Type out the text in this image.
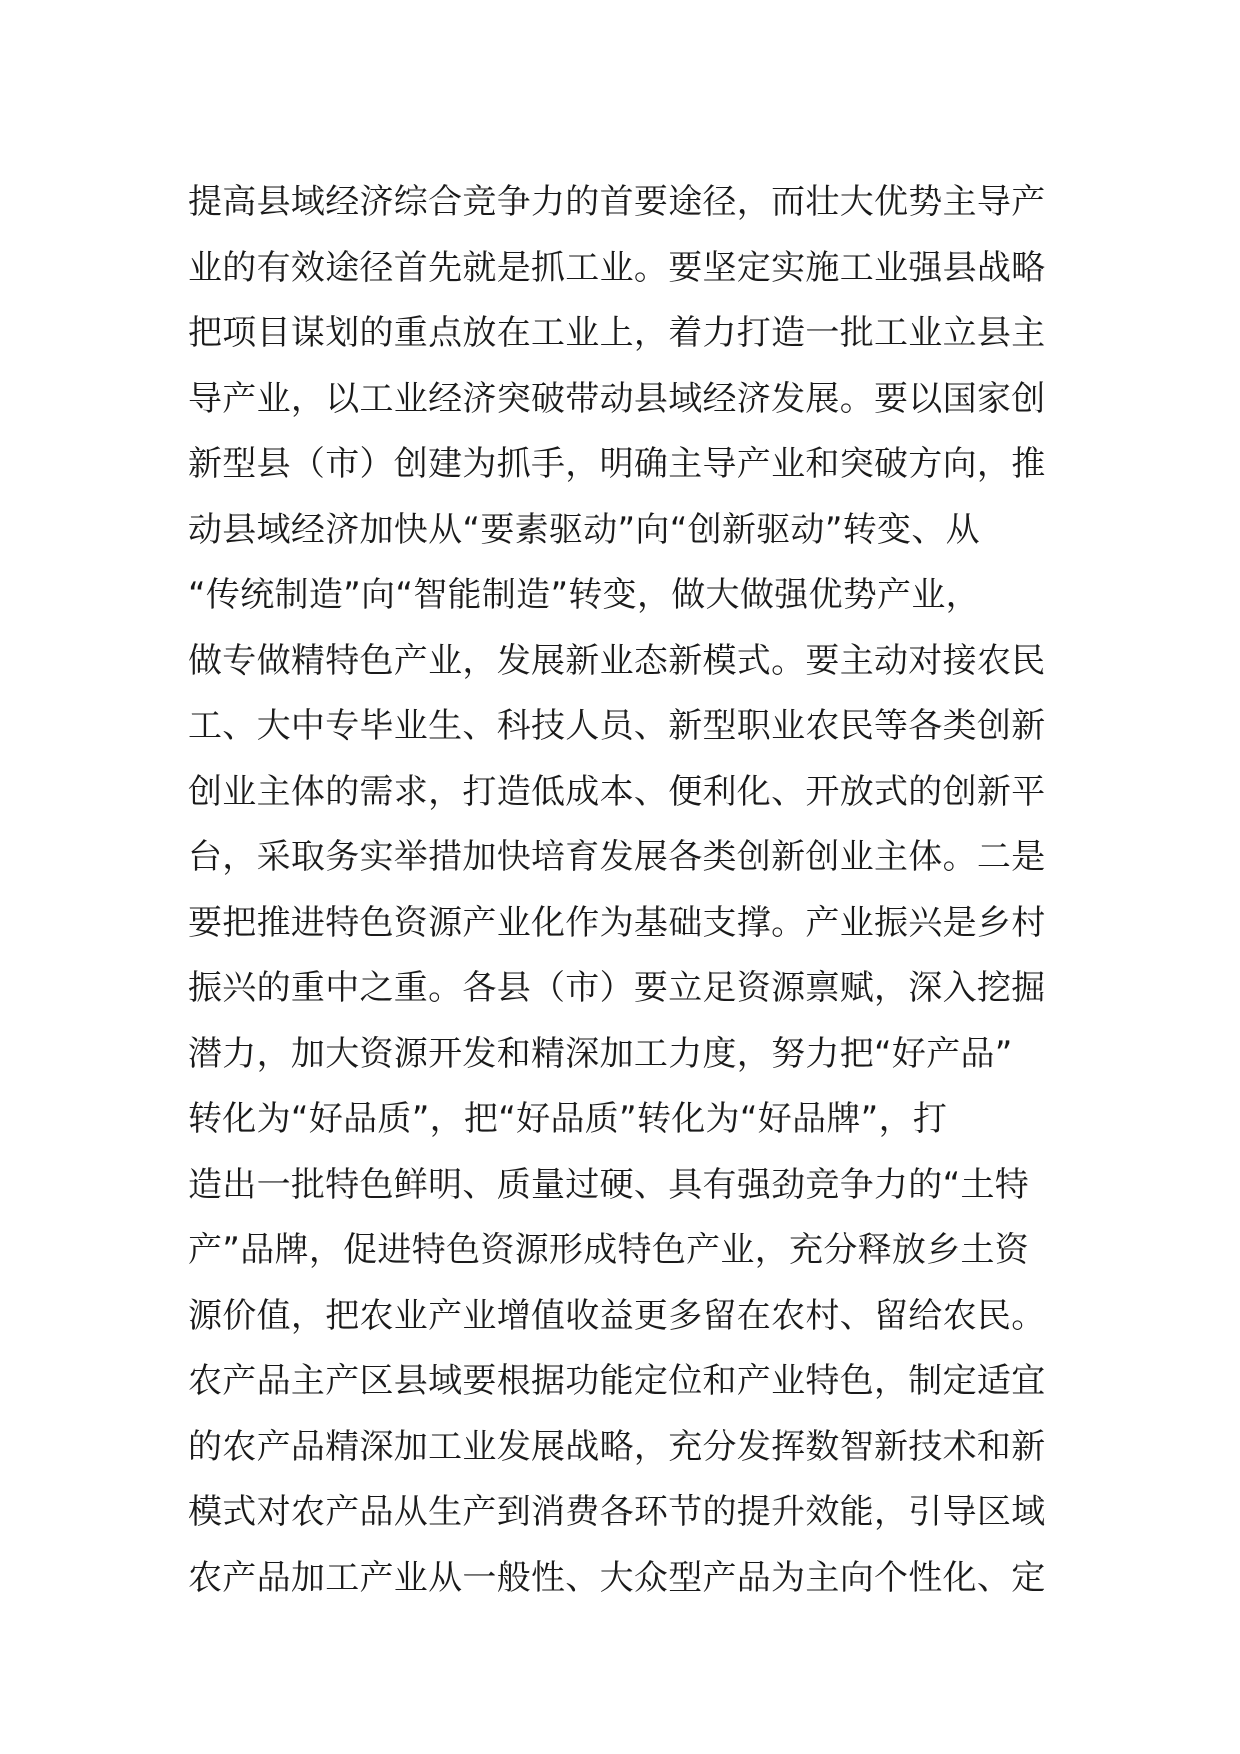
提高县域经济综合竞争力的首要途径，而壮大优势主导产
业的有效途径首先就是抓工业。要坚定实施工业强县战略
把项目谋划的重点放在工业上，着力打造一批工业立县主
导产业，以工业经济突破带动县域经济发展。要以国家创
新型县（市）创建为抓手，明确主导产业和突破方向，推
动县域经济加快从“要素驱动”向“创新驱动”转变、从
“传统制造”向“智能制造”转变，做大做强优势产业，
做专做精特色产业，发展新业态新模式。要主动对接农民
工、大中专毕业生、科技人员、新型职业农民等各类创新
创业主体的需求，打造低成本、便利化、开放式的创新平
台，采取务实举措加快培育发展各类创新创业主体。二是
要把推进特色资源产业化作为基础支撑。产业振兴是乡村
振兴的重中之重。各县（市）要立足资源禀赋，深入挖掘
潜力，加大资源开发和精深加工力度，努力把“好产品”
转化为“好品质”，把“好品质”转化为“好品牌”，打
造出一批特色鲜明、质量过硬、具有强劲竞争力的“土特
产”品牌，促进特色资源形成特色产业，充分释放乡土资
源价值，把农业产业增值收益更多留在农村、留给农民。
农产品主产区县域要根据功能定位和产业特色，制定适宜
的农产品精深加工业发展战略，充分发挥数智新技术和新
模式对农产品从生产到消费各环节的提升效能，引导区域
农产品加工产业从一般性、大众型产品为主向个性化、定
